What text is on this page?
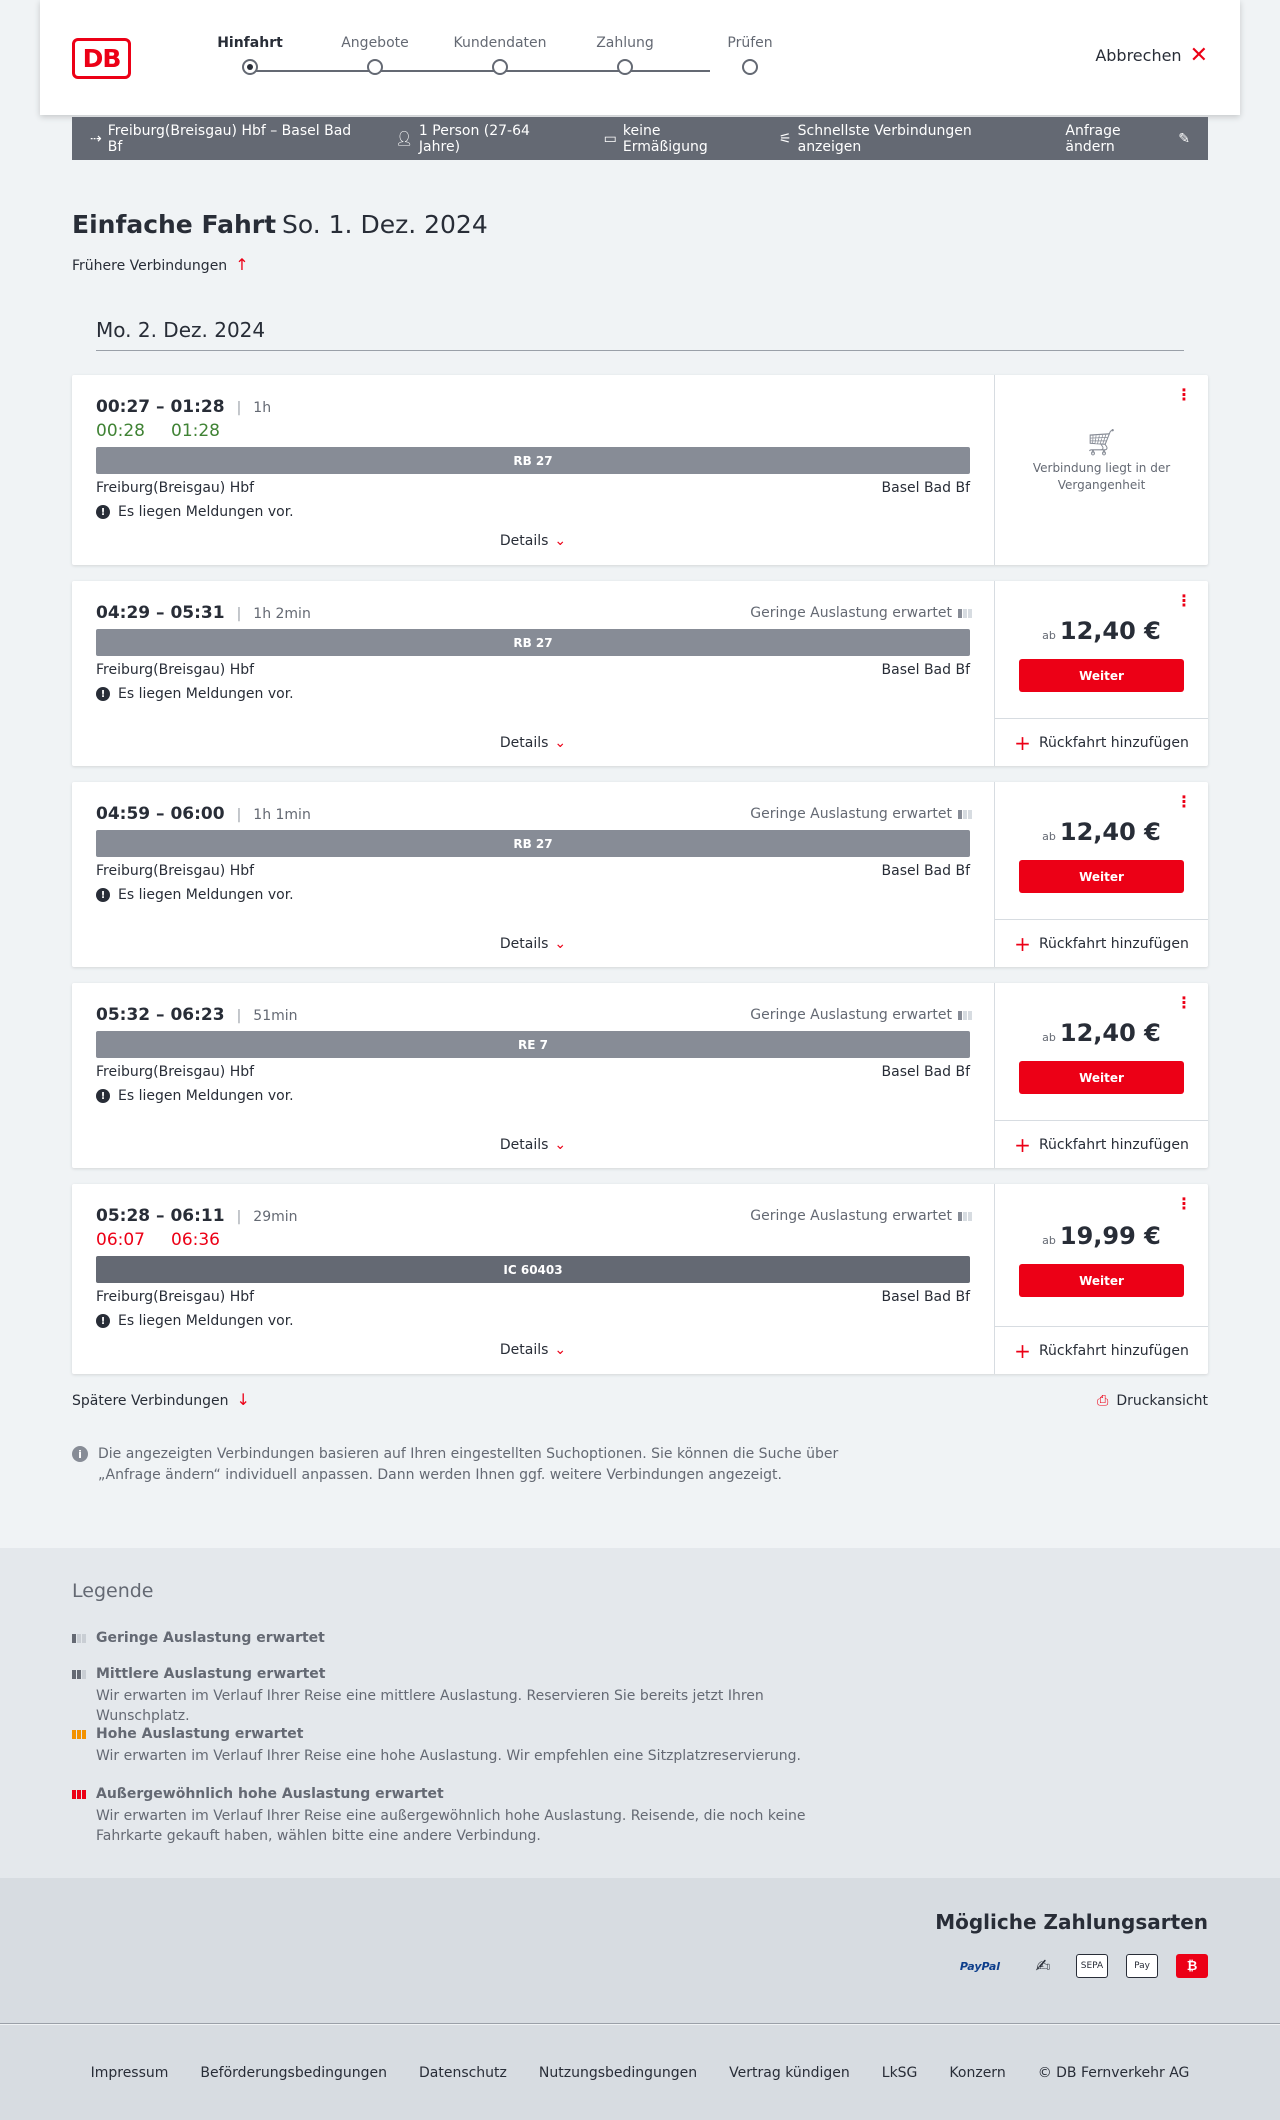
DB
Hinfahrt	Angebote	Kundendaten	Zahlung	Prüfen
Abbrechen ✕
⇢ Freiburg(Breisgau) Hbf – Basel Bad Bf	👤︎ 1 Person (27-64 Jahre)	▭ keine Ermäßigung	⚟ Schnellste Verbindungen anzeigen
Anfrage ändern	✎
Einfache Fahrt So. 1. Dez. 2024
Frühere Verbindungen ↑
Mo. 2. Dez. 2024
00:27 – 01:28 | 1h
00:28 01:28
RB 27
Freiburg(Breisgau) Hbf	Basel Bad Bf
! Es liegen Meldungen vor.
Details ⌄
⋮
🛒︎
Verbindung liegt in der Vergangenheit
04:29 – 05:31 | 1h 2min	Geringe Auslastung erwartet
RB 27
Freiburg(Breisgau) Hbf	Basel Bad Bf
! Es liegen Meldungen vor.
Details ⌄
⋮
ab 12,40 €
Weiter
+ Rückfahrt hinzufügen
04:59 – 06:00 | 1h 1min	Geringe Auslastung erwartet
RB 27
Freiburg(Breisgau) Hbf	Basel Bad Bf
! Es liegen Meldungen vor.
Details ⌄
⋮
ab 12,40 €
Weiter
+ Rückfahrt hinzufügen
05:32 – 06:23 | 51min	Geringe Auslastung erwartet
RE 7
Freiburg(Breisgau) Hbf	Basel Bad Bf
! Es liegen Meldungen vor.
Details ⌄
⋮
ab 12,40 €
Weiter
+ Rückfahrt hinzufügen
05:28 – 06:11 | 29min
06:07 06:36
Geringe Auslastung erwartet
IC 60403
Freiburg(Breisgau) Hbf	Basel Bad Bf
! Es liegen Meldungen vor.
Details ⌄
⋮
ab 19,99 €
Weiter
+ Rückfahrt hinzufügen
Spätere Verbindungen ↓	⎙ Druckansicht
i	Die angezeigten Verbindungen basieren auf Ihren eingestellten Suchoptionen. Sie können die Suche über „Anfrage ändern“ individuell anpassen. Dann werden Ihnen ggf. weitere Verbindungen angezeigt.
Legende
Geringe Auslastung erwartet
Mittlere Auslastung erwartet
Wir erwarten im Verlauf Ihrer Reise eine mittlere Auslastung. Reservieren Sie bereits jetzt Ihren Wunschplatz.
Hohe Auslastung erwartet
Wir erwarten im Verlauf Ihrer Reise eine hohe Auslastung. Wir empfehlen eine Sitzplatzreservierung.
Außergewöhnlich hohe Auslastung erwartet
Wir erwarten im Verlauf Ihrer Reise eine außergewöhnlich hohe Auslastung. Reisende, die noch keine Fahrkarte gekauft haben, wählen bitte eine andere Verbindung.
Mögliche Zahlungsarten
PayPal	✍︎	SEPA	Pay	₿
Impressum Beförderungsbedingungen Datenschutz Nutzungsbedingungen Vertrag kündigen LkSG Konzern © DB Fernverkehr AG
